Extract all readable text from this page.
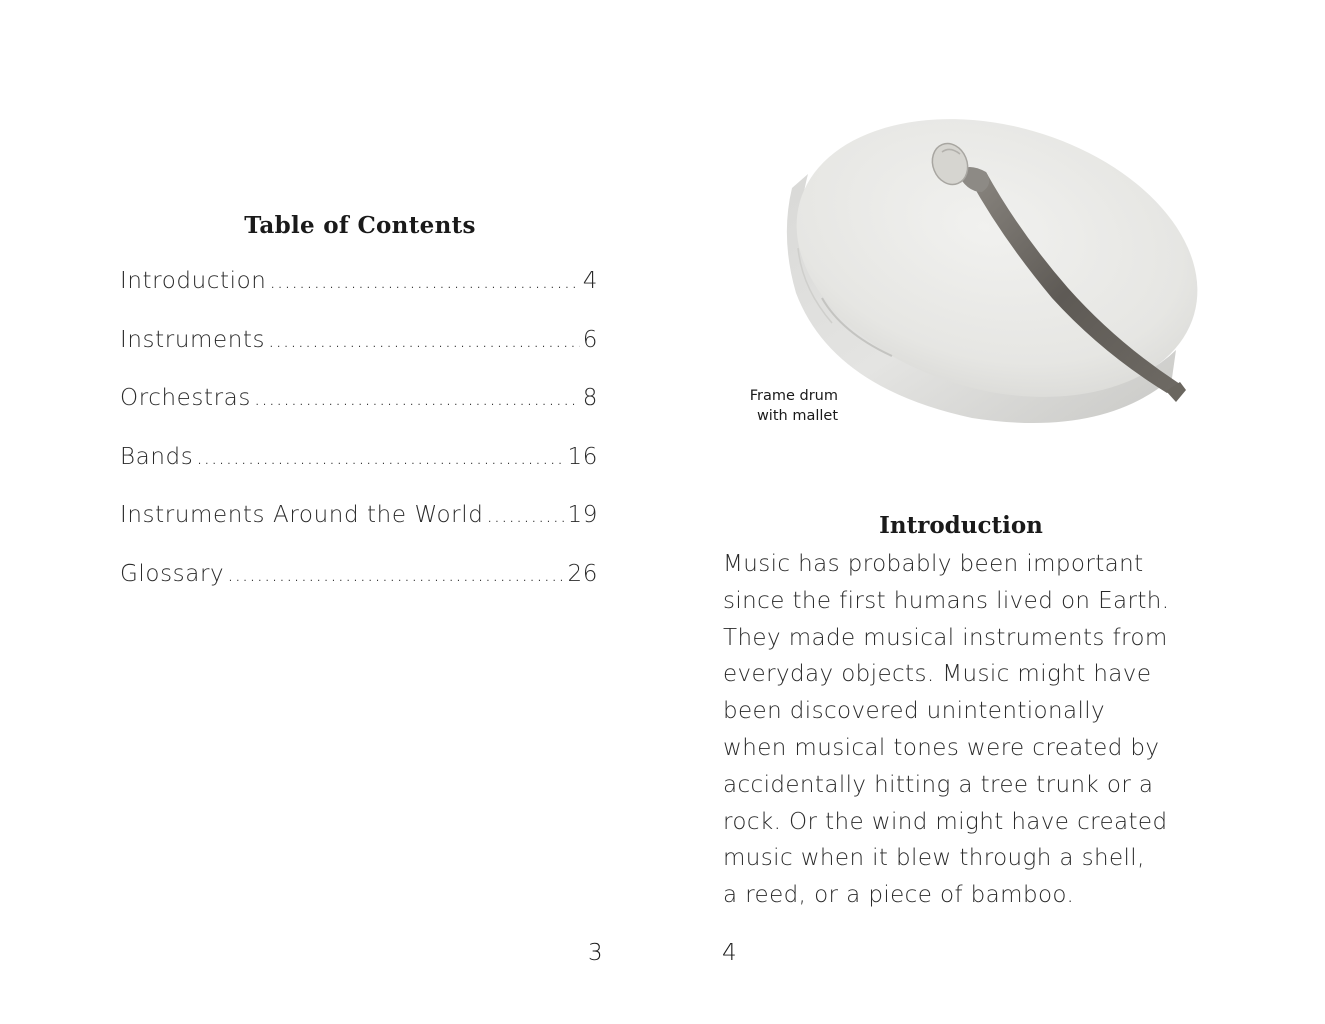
Table of Contents
Introduction .....	4
Instruments .....	6
Orchestras .....	8
Bands .....	16
Instruments Around the World .....	19
Glossary .....	26
3
Frame drum
with mallet
Introduction

Music has probably been important
since the first humans lived on Earth.
They made musical instruments from
everyday objects. Music might have
been discovered unintentionally
when musical tones were created by
accidentally hitting a tree trunk or a
rock. Or the wind might have created
music when it blew through a shell,
a reed, or a piece of bamboo.

4
